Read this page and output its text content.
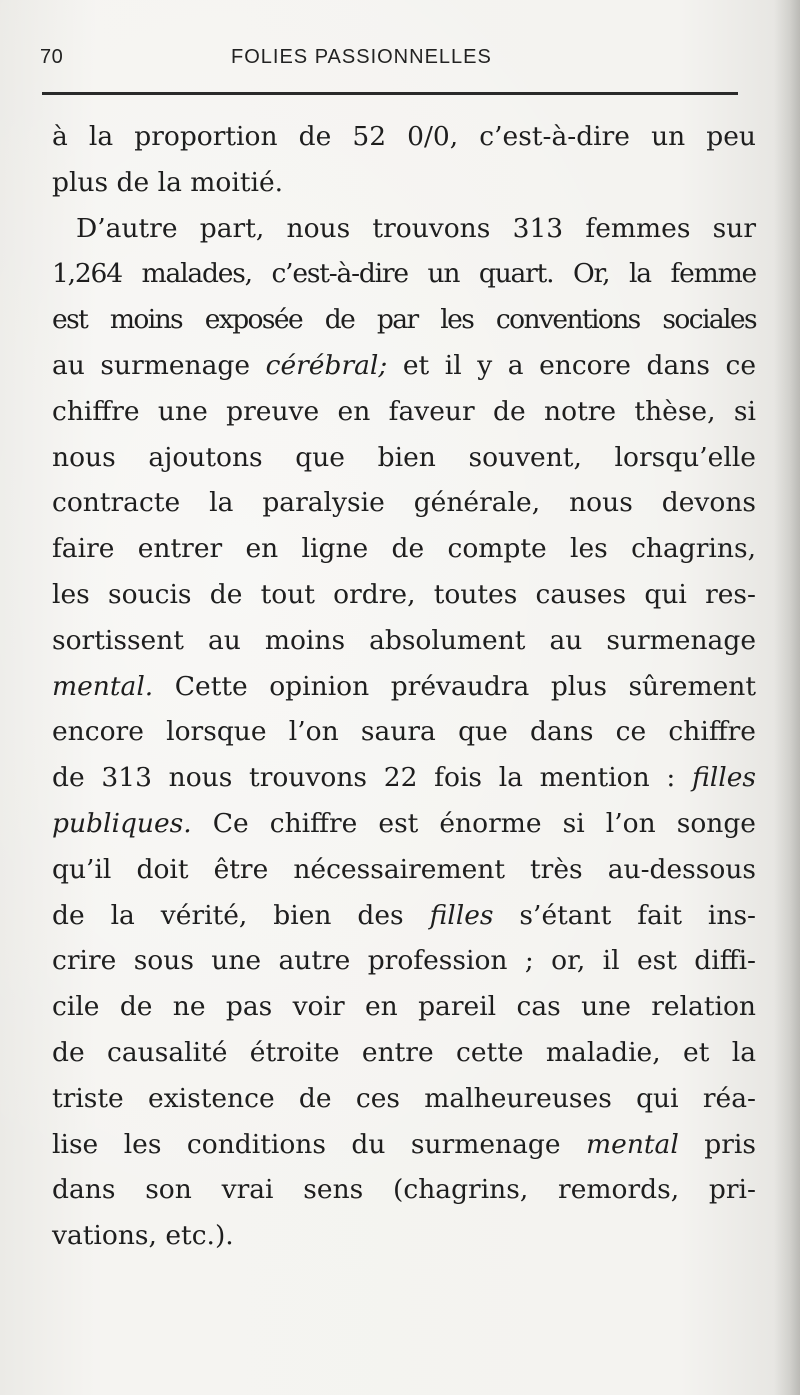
70	FOLIES PASSIONNELLES
à la proportion de 52 0/0, c’est-à-dire un peu
plus de la moitié.
D’autre part, nous trouvons 313 femmes sur
1,264 malades, c’est-à-dire un quart. Or, la femme
est moins exposée de par les conventions sociales
au surmenage cérébral; et il y a encore dans ce
chiffre une preuve en faveur de notre thèse, si
nous ajoutons que bien souvent, lorsqu’elle
contracte la paralysie générale, nous devons
faire entrer en ligne de compte les chagrins,
les soucis de tout ordre, toutes causes qui res-
sortissent au moins absolument au surmenage
mental. Cette opinion prévaudra plus sûrement
encore lorsque l’on saura que dans ce chiffre
de 313 nous trouvons 22 fois la mention : filles
publiques. Ce chiffre est énorme si l’on songe
qu’il doit être nécessairement très au-dessous
de la vérité, bien des filles s’étant fait ins-
crire sous une autre profession ; or, il est diffi-
cile de ne pas voir en pareil cas une relation
de causalité étroite entre cette maladie, et la
triste existence de ces malheureuses qui réa-
lise les conditions du surmenage mental pris
dans son vrai sens (chagrins, remords, pri-
vations, etc.).
